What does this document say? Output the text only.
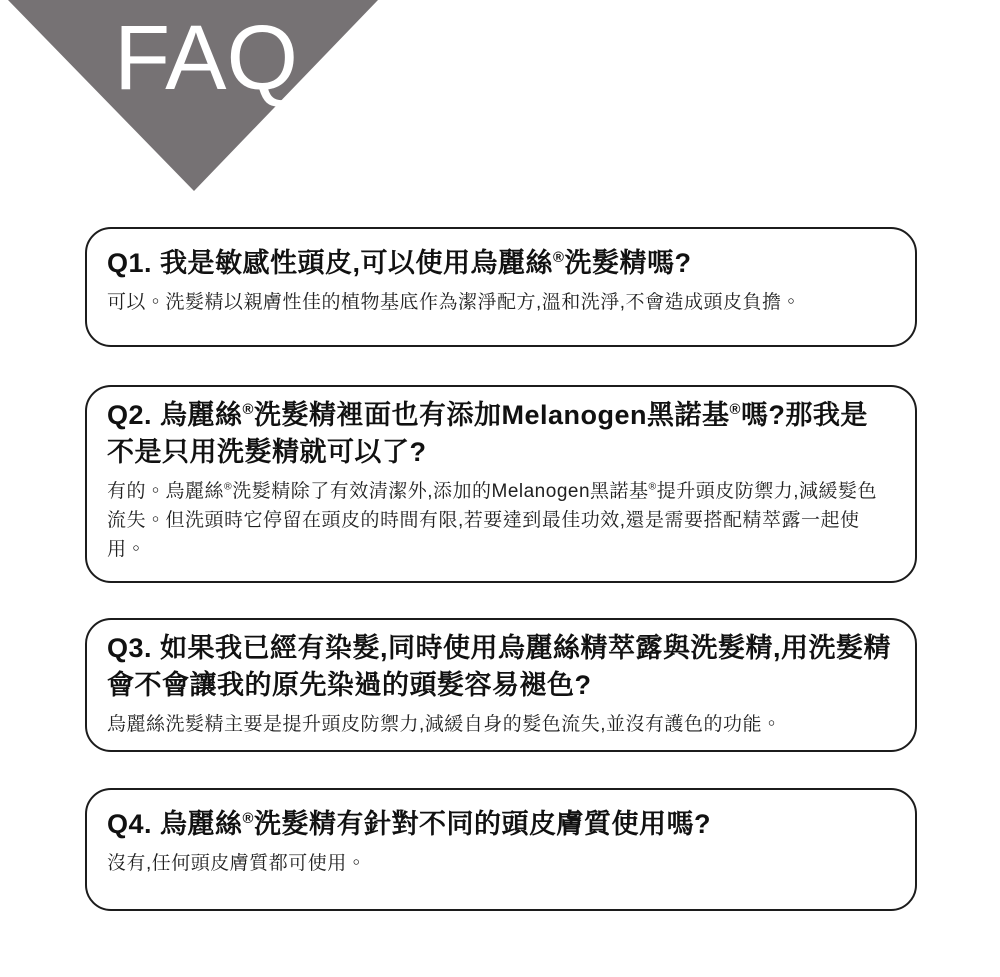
FAQ
Q1. 我是敏感性頭皮,可以使用烏麗絲®洗髮精嗎?
可以。洗髮精以親膚性佳的植物基底作為潔淨配方,溫和洗淨,不會造成頭皮負擔。
Q2. 烏麗絲®洗髮精裡面也有添加Melanogen黑諾基®嗎?那我是不是只用洗髮精就可以了?
有的。烏麗絲®洗髮精除了有效清潔外,添加的Melanogen黑諾基®提升頭皮防禦力,減緩髮色流失。但洗頭時它停留在頭皮的時間有限,若要達到最佳功效,還是需要搭配精萃露一起使用。
Q3. 如果我已經有染髮,同時使用烏麗絲精萃露與洗髮精,用洗髮精會不會讓我的原先染過的頭髮容易褪色?
烏麗絲洗髮精主要是提升頭皮防禦力,減緩自身的髮色流失,並沒有護色的功能。
Q4. 烏麗絲®洗髮精有針對不同的頭皮膚質使用嗎?
沒有,任何頭皮膚質都可使用。
